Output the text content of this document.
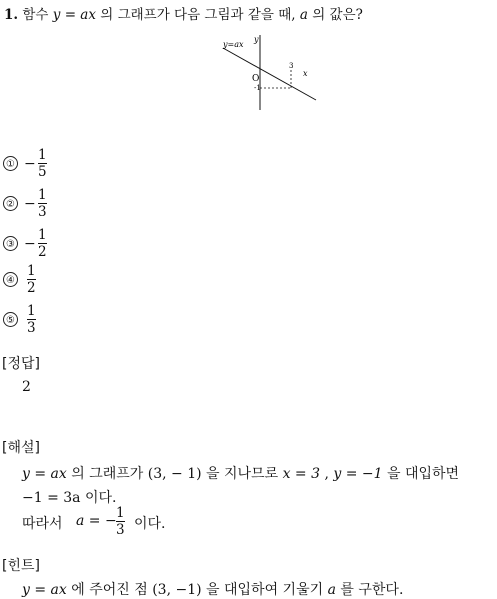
1. 함수 y = ax 의 그래프가 다음 그림과 같을 때, a 의 값은?
y=ax
y
O
-1
3
x
① −
1
5
② −
1
3
③ −
1
2
④
1
2
⑤
1
3
[정답]
2
[해설]
y = ax 의 그래프가 (3, − 1) 을 지나므로 x = 3 , y = −1 을 대입하면
−1 = 3a 이다.
따라서 a = − 1
3 이다.
[힌트]
y = ax 에 주어진 점 (3, −1) 을 대입하여 기울기 a 를 구한다.
